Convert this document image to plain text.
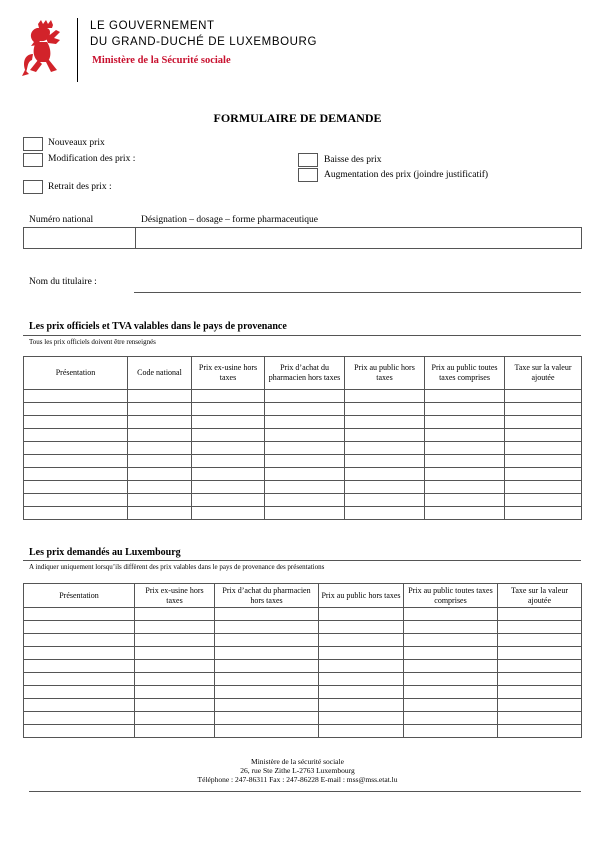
LE GOUVERNEMENT
DU GRAND-DUCHÉ DE LUXEMBOURG
Ministère de la Sécurité sociale
FORMULAIRE DE DEMANDE
Nouveaux prix
Modification des prix :	Baisse des prix
Augmentation des prix (joindre justificatif)
Retrait des prix :
Numéro national	Désignation – dosage – forme pharmaceutique

Nom du titulaire :
Les prix officiels et TVA valables dans le pays de provenance
Tous les prix officiels doivent être renseignés
Présentation	Code national	Prix ex-usine hors taxes	Prix d’achat du pharmacien hors taxes	Prix au public hors taxes	Prix au public toutes taxes comprises	Taxe sur la valeur ajoutée

Les prix demandés au Luxembourg
A indiquer uniquement lorsqu’ils diffèrent des prix valables dans le pays de provenance des présentations
Présentation	Prix ex-usine hors taxes	Prix d’achat du pharmacien hors taxes	Prix au public hors taxes	Prix au public toutes taxes comprises	Taxe sur la valeur ajoutée

Ministère de la sécurité sociale
26, rue Ste Zithe L-2763 Luxembourg
Téléphone : 247-86311 Fax : 247-86228 E-mail : mss@mss.etat.lu
